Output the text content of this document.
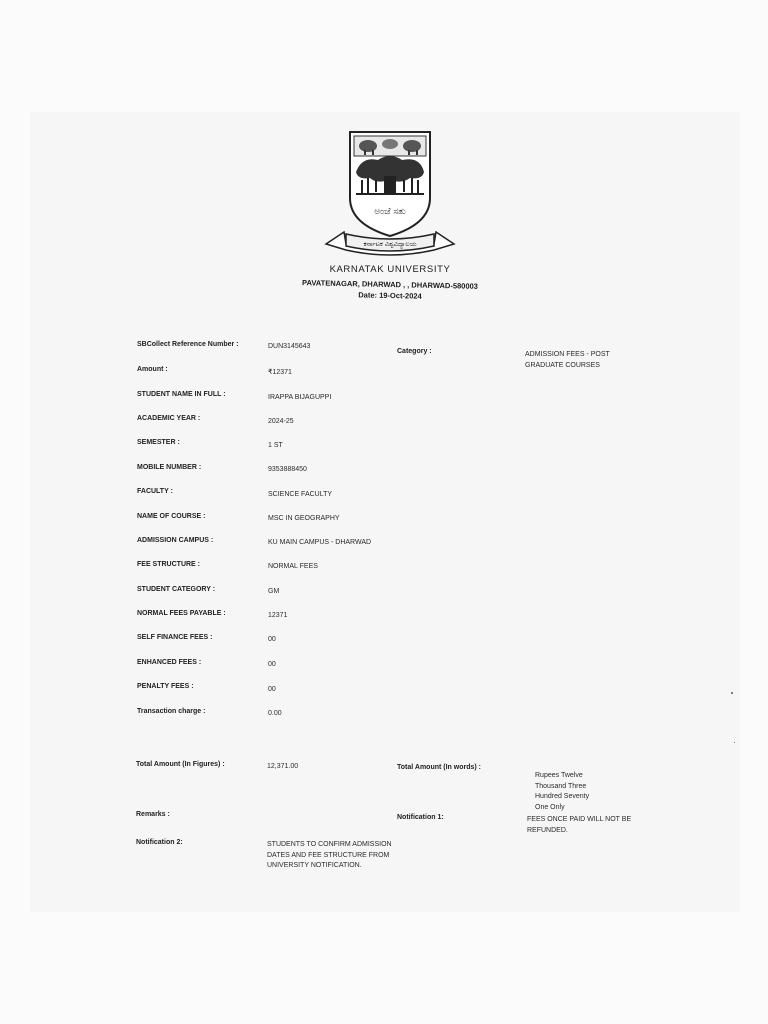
ಅಂಜೆ ಸತು
ಕರ್ನಾಟಕ ವಿಶ್ವವಿದ್ಯಾಲಯ
KARNATAK UNIVERSITY
PAVATENAGAR, DHARWAD , , DHARWAD-580003
Date: 19-Oct-2024
SBCollect Reference Number :	DUN3145643
Category :	ADMISSION FEES - POST GRADUATE COURSES
Amount :	₹12371
STUDENT NAME IN FULL :	IRAPPA BIJAGUPPI
ACADEMIC YEAR :	2024-25
SEMESTER :	1 ST
MOBILE NUMBER :	9353888450
FACULTY :	SCIENCE FACULTY
NAME OF COURSE :	MSC IN GEOGRAPHY
ADMISSION CAMPUS :	KU MAIN CAMPUS - DHARWAD
FEE STRUCTURE :	NORMAL FEES
STUDENT CATEGORY :	GM
NORMAL FEES PAYABLE :	12371
SELF FINANCE FEES :	00
ENHANCED FEES :	00
PENALTY FEES :	00
Transaction charge :	0.00
Total Amount (In Figures) :	12,371.00	Total Amount (In words) :
Rupees Twelve Thousand Three Hundred Seventy One Only
Remarks :	Notification 1:	FEES ONCE PAID WILL NOT BE REFUNDED.
Notification 2:	STUDENTS TO CONFIRM ADMISSION DATES AND FEE STRUCTURE FROM UNIVERSITY NOTIFICATION.
